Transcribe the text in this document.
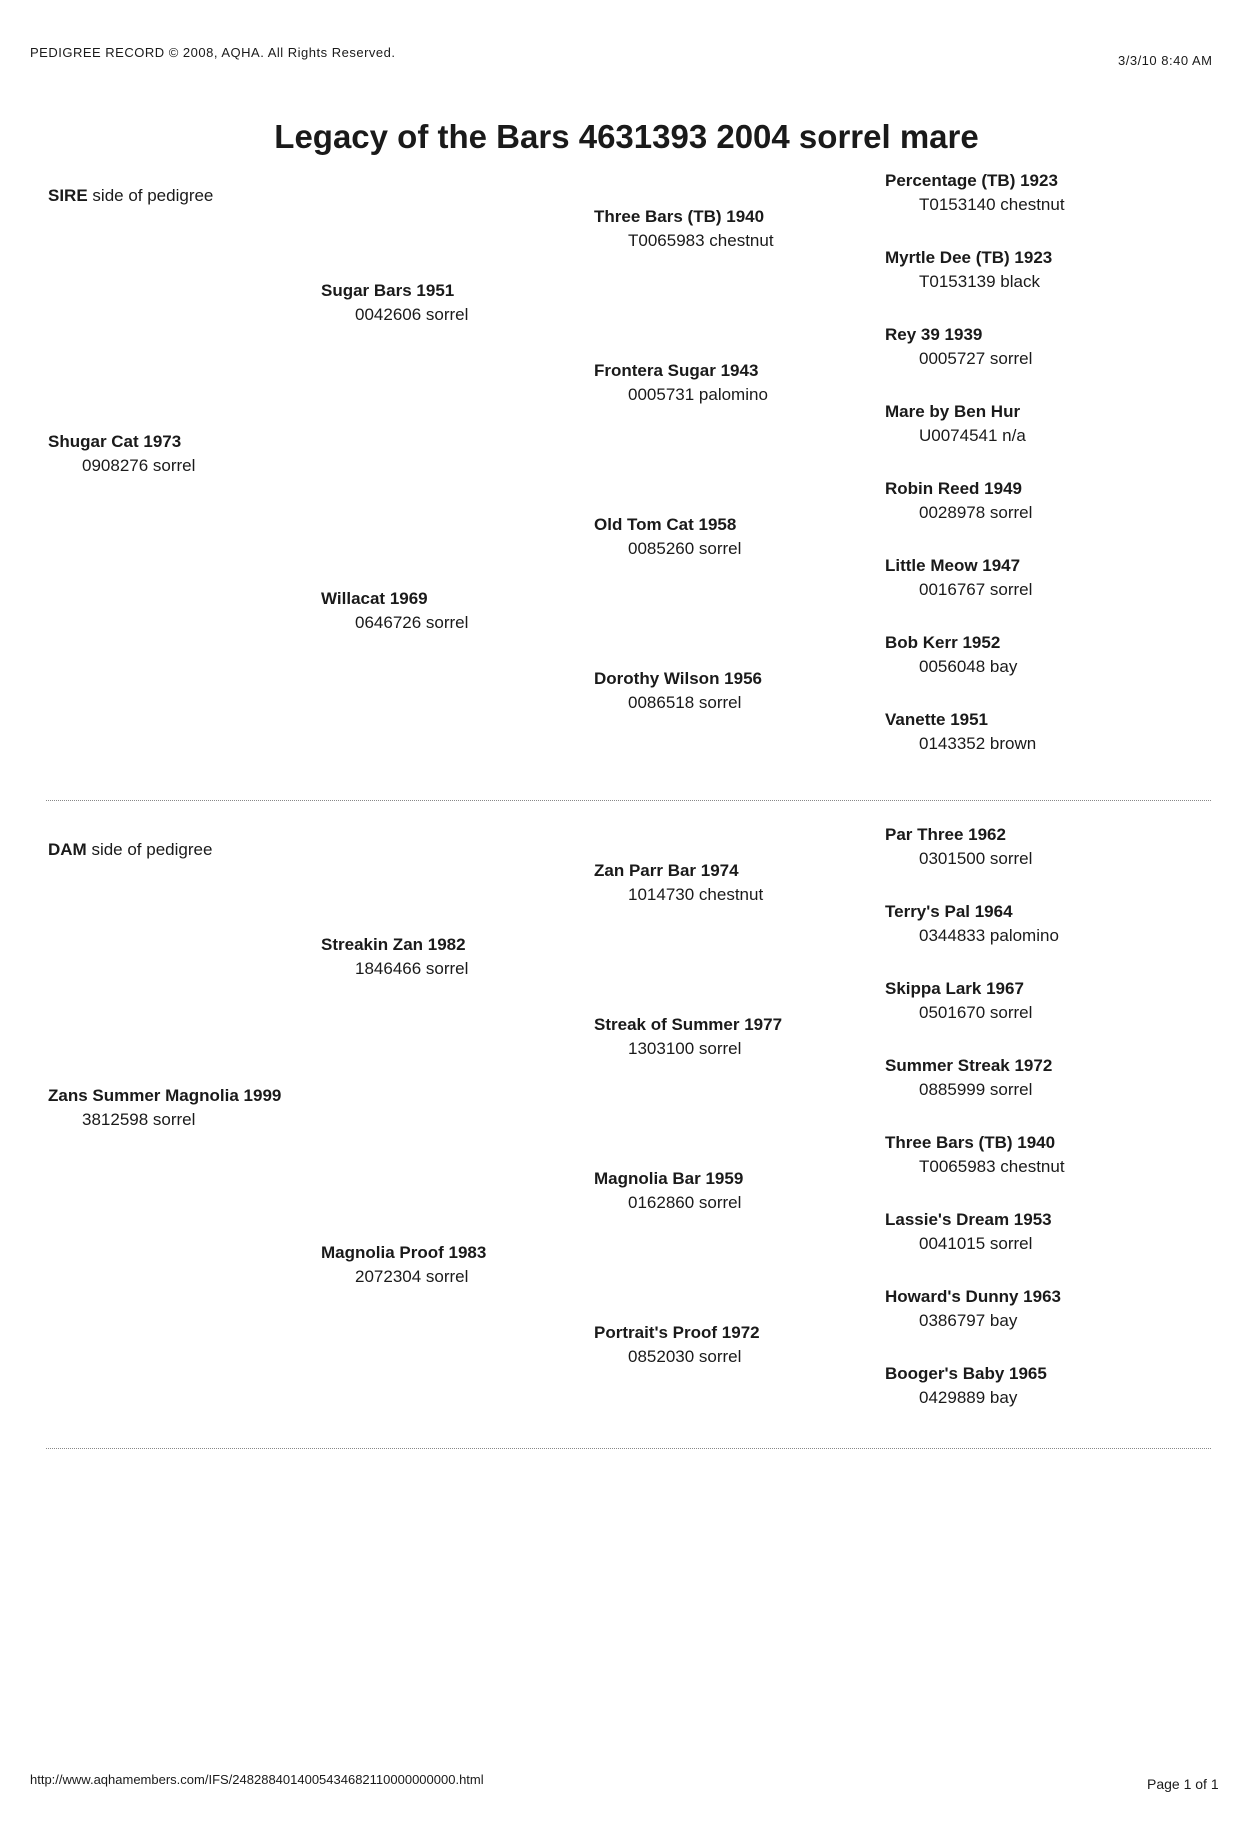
PEDIGREE RECORD © 2008, AQHA. All Rights Reserved.
3/3/10 8:40 AM
Legacy of the Bars 4631393 2004 sorrel mare
SIRE side of pedigree
Shugar Cat 1973
0908276 sorrel
Sugar Bars 1951
0042606 sorrel
Willacat 1969
0646726 sorrel
Three Bars (TB) 1940
T0065983 chestnut
Frontera Sugar 1943
0005731 palomino
Old Tom Cat 1958
0085260 sorrel
Dorothy Wilson 1956
0086518 sorrel
Percentage (TB) 1923
T0153140 chestnut
Myrtle Dee (TB) 1923
T0153139 black
Rey 39 1939
0005727 sorrel
Mare by Ben Hur
U0074541 n/a
Robin Reed 1949
0028978 sorrel
Little Meow 1947
0016767 sorrel
Bob Kerr 1952
0056048 bay
Vanette 1951
0143352 brown
DAM side of pedigree
Zans Summer Magnolia 1999
3812598 sorrel
Streakin Zan 1982
1846466 sorrel
Magnolia Proof 1983
2072304 sorrel
Zan Parr Bar 1974
1014730 chestnut
Streak of Summer 1977
1303100 sorrel
Magnolia Bar 1959
0162860 sorrel
Portrait's Proof 1972
0852030 sorrel
Par Three 1962
0301500 sorrel
Terry's Pal 1964
0344833 palomino
Skippa Lark 1967
0501670 sorrel
Summer Streak 1972
0885999 sorrel
Three Bars (TB) 1940
T0065983 chestnut
Lassie's Dream 1953
0041015 sorrel
Howard's Dunny 1963
0386797 bay
Booger's Baby 1965
0429889 bay
http://www.aqhamembers.com/IFS/2482884014005434682110000000000.html	Page 1 of 1
